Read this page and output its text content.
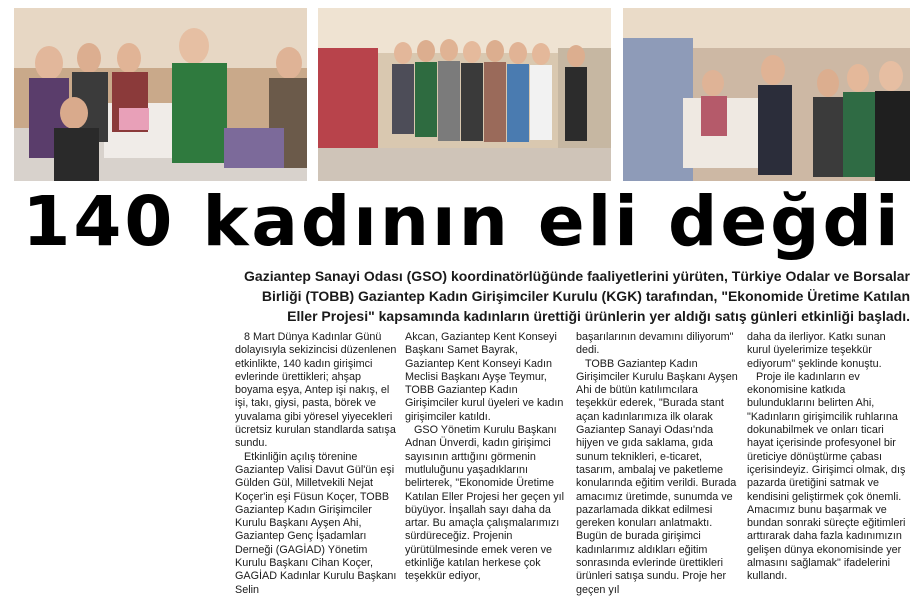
140 kadının eli değdi

Gaziantep Sanayi Odası (GSO) koordinatörlüğünde faaliyetlerini yürüten, Türkiye Odalar ve Borsalar Birliği (TOBB) Gaziantep Kadın Girişimciler Kurulu (KGK) tarafından, "Ekonomide Üretime Katılan Eller Projesi" kapsamında kadınların ürettiği ürünlerin yer aldığı satış günleri etkinliği başladı.

8 Mart Dünya Kadınlar Günü dolayısıyla sekizincisi düzenlenen etkinlikte, 140 kadın girişimci evlerinde ürettikleri; ahşap boyama eşya, Antep işi nakış, el işi, takı, giysi, pasta, börek ve yuvalama gibi yöresel yiyecekleri ücretsiz kurulan standlarda satışa sundu.

Etkinliğin açılış törenine Gaziantep Valisi Davut Gül'ün eşi Gülden Gül, Milletvekili Nejat Koçer'in eşi Füsun Koçer, TOBB Gaziantep Kadın Girişimciler Kurulu Başkanı Ayşen Ahi, Gaziantep Genç İşadamları Derneği (GAGİAD) Yönetim Kurulu Başkanı Cihan Koçer, GAGİAD Kadınlar Kurulu Başkanı Selin

Akcan, Gaziantep Kent Konseyi Başkanı Samet Bayrak, Gaziantep Kent Konseyi Kadın Meclisi Başkanı Ayşe Teymur, TOBB Gaziantep Kadın Girişimciler kurul üyeleri ve kadın girişimciler katıldı.

GSO Yönetim Kurulu Başkanı Adnan Ünverdi, kadın girişimci sayısının arttığını görmenin mutluluğunu yaşadıklarını belirterek, "Ekonomide Üretime Katılan Eller Projesi her geçen yıl büyüyor. İnşallah sayı daha da artar. Bu amaçla çalışmalarımızı sürdüreceğiz. Projenin yürütülmesinde emek veren ve etkinliğe katılan herkese çok teşekkür ediyor,

başarılarının devamını diliyorum" dedi.

TOBB Gaziantep Kadın Girişimciler Kurulu Başkanı Ayşen Ahi de bütün katılımcılara teşekkür ederek, "Burada stant açan kadınlarımıza ilk olarak Gaziantep Sanayi Odası'nda hijyen ve gıda saklama, gıda sunum teknikleri, e-ticaret, tasarım, ambalaj ve paketleme konularında eğitim verildi. Burada amacımız üretimde, sunumda ve pazarlamada dikkat edilmesi gereken konuları anlatmaktı. Bugün de burada girişimci kadınlarımız aldıkları eğitim sonrasında evlerinde ürettikleri ürünleri satışa sundu. Proje her geçen yıl

daha da ilerliyor. Katkı sunan kurul üyelerimize teşekkür ediyorum" şeklinde konuştu.

Proje ile kadınların ev ekonomisine katkıda bulunduklarını belirten Ahi, "Kadınların girişimcilik ruhlarına dokunabilmek ve onları ticari hayat içerisinde profesyonel bir üreticiye dönüştürme çabası içerisindeyiz. Girişimci olmak, dış pazarda üretiğini satmak ve kendisini geliştirmek çok önemli. Amacımız bunu başarmak ve bundan sonraki süreçte eğitimleri arttırarak daha fazla kadınımızın gelişen dünya ekonomisinde yer almasını sağlamak" ifadelerini kullandı.
